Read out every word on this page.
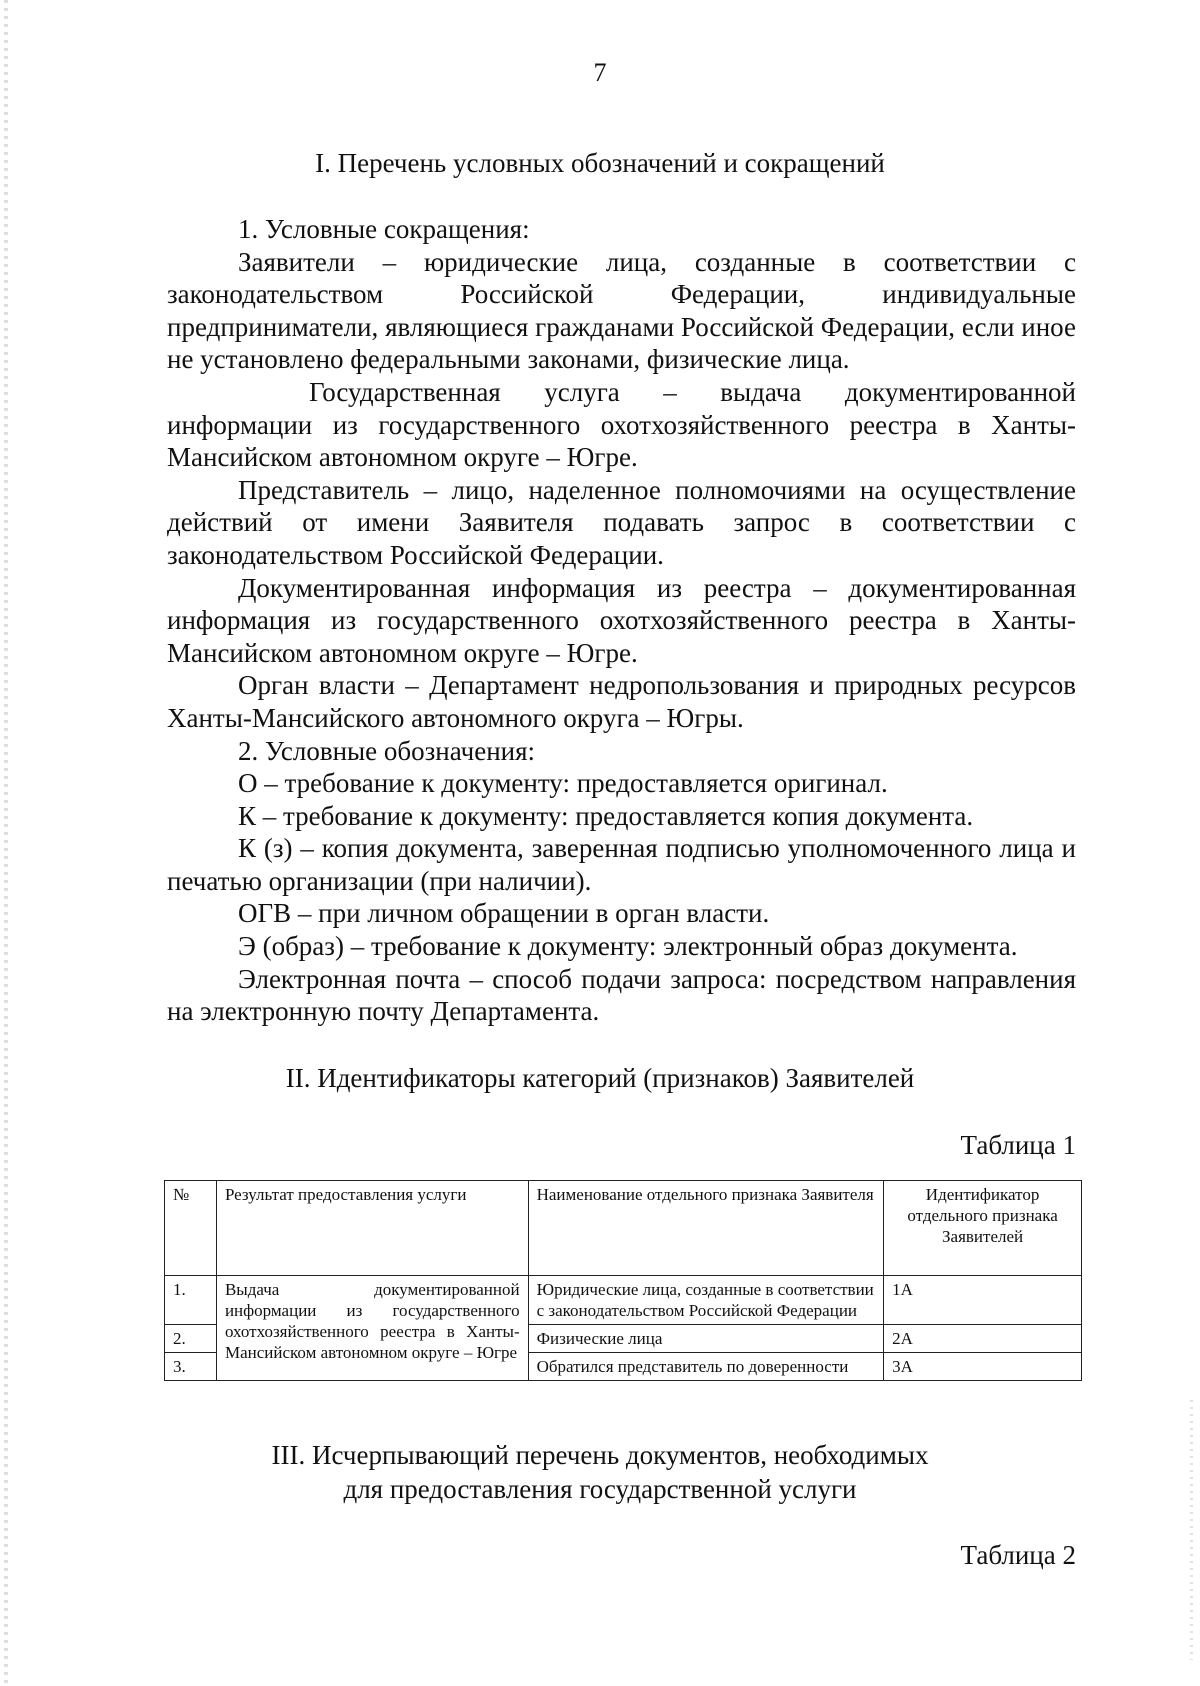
7
I. Перечень условных обозначений и сокращений

1. Условные сокращения:

Заявители – юридические лица, созданные в соответствии с законодательством Российской Федерации, индивидуальные предприниматели, являющиеся гражданами Российской Федерации, если иное не установлено федеральными законами, физические лица.

Государственная услуга – выдача документированной информации из государственного охотхозяйственного реестра в Ханты-Мансийском автономном округе – Югре.

Представитель – лицо, наделенное полномочиями на осуществление действий от имени Заявителя подавать запрос в соответствии с законодательством Российской Федерации.

Документированная информация из реестра – документированная информация из государственного охотхозяйственного реестра в Ханты-Мансийском автономном округе – Югре.

Орган власти – Департамент недропользования и природных ресурсов Ханты-Мансийского автономного округа – Югры.

2. Условные обозначения:

О – требование к документу: предоставляется оригинал.

К – требование к документу: предоставляется копия документа.

К (з) – копия документа, заверенная подписью уполномоченного лица и печатью организации (при наличии).

ОГВ – при личном обращении в орган власти.

Э (образ) – требование к документу: электронный образ документа.

Электронная почта – способ подачи запроса: посредством направления на электронную почту Департамента.

II. Идентификаторы категорий (признаков) Заявителей
Таблица 1
№	Результат предоставления услуги	Наименование отдельного признака Заявителя	Идентификатор отдельного признака Заявителей
1.	Выдача документированной информации из государственного охотхозяйственного реестра в Ханты-Мансийском автономном округе – Югре	Юридические лица, созданные в соответствии с законодательством Российской Федерации	1А
2.		Физические лица	2А
3.		Обратился представитель по доверенности	3А
III. Исчерпывающий перечень документов, необходимых
для предоставления государственной услуги
Таблица 2
